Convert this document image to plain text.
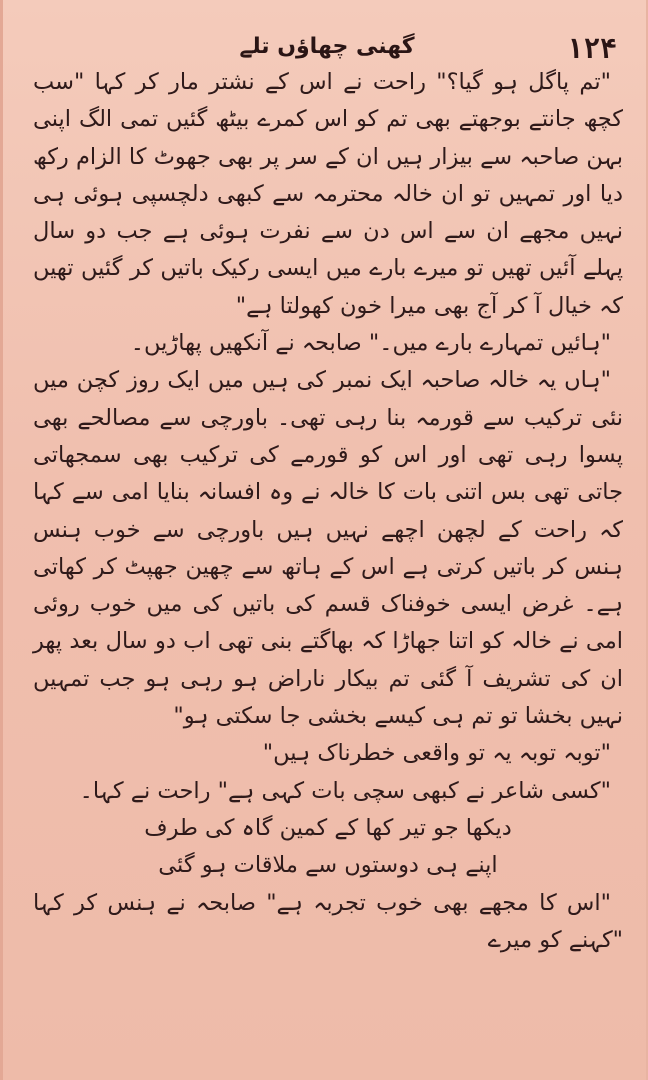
۱۲۴
گھنی چھاؤں تلے

"تم پاگل ہو گیا؟" راحت نے اس کے نشتر مار کر کہا "سب کچھ جانتے بوجھتے بھی تم کو اس کمرے بیٹھ گئیں تمی الگ اپنی بہن صاحبہ سے بیزار ہیں ان کے سر پر بھی جھوٹ کا الزام رکھ دیا اور تمہیں تو ان خالہ محترمہ سے کبھی دلچسپی ہوئی ہی نہیں مجھے ان سے اس دن سے نفرت ہوئی ہے جب دو سال پہلے آئیں تھیں تو میرے بارے میں ایسی رکیک باتیں کر گئیں تھیں کہ خیال آ کر آج بھی میرا خون کھولتا ہے"

"ہائیں تمہارے بارے میں۔" صابحہ نے آنکھیں پھاڑیں۔

"ہاں یہ خالہ صاحبہ ایک نمبر کی ہیں میں ایک روز کچن میں نئی ترکیب سے قورمہ بنا رہی تھی۔ باورچی سے مصالحے بھی پسوا رہی تھی اور اس کو قورمے کی ترکیب بھی سمجھاتی جاتی تھی بس اتنی بات کا خالہ نے وہ افسانہ بنایا امی سے کہا کہ راحت کے لچھن اچھے نہیں ہیں باورچی سے خوب ہنس ہنس کر باتیں کرتی ہے اس کے ہاتھ سے چھین جھپٹ کر کھاتی ہے۔ غرض ایسی خوفناک قسم کی باتیں کی میں خوب روئی امی نے خالہ کو اتنا جھاڑا کہ بھاگتے بنی تھی اب دو سال بعد پھر ان کی تشریف آ گئی تم بیکار ناراض ہو رہی ہو جب تمہیں نہیں بخشا تو تم ہی کیسے بخشی جا سکتی ہو"

"توبہ توبہ یہ تو واقعی خطرناک ہیں"

"کسی شاعر نے کبھی سچی بات کہی ہے" راحت نے کہا۔

دیکھا جو تیر کھا کے کمین گاہ کی طرف

اپنے ہی دوستوں سے ملاقات ہو گئی

"اس کا مجھے بھی خوب تجربہ ہے" صابحہ نے ہنس کر کہا "کہنے کو میرے
